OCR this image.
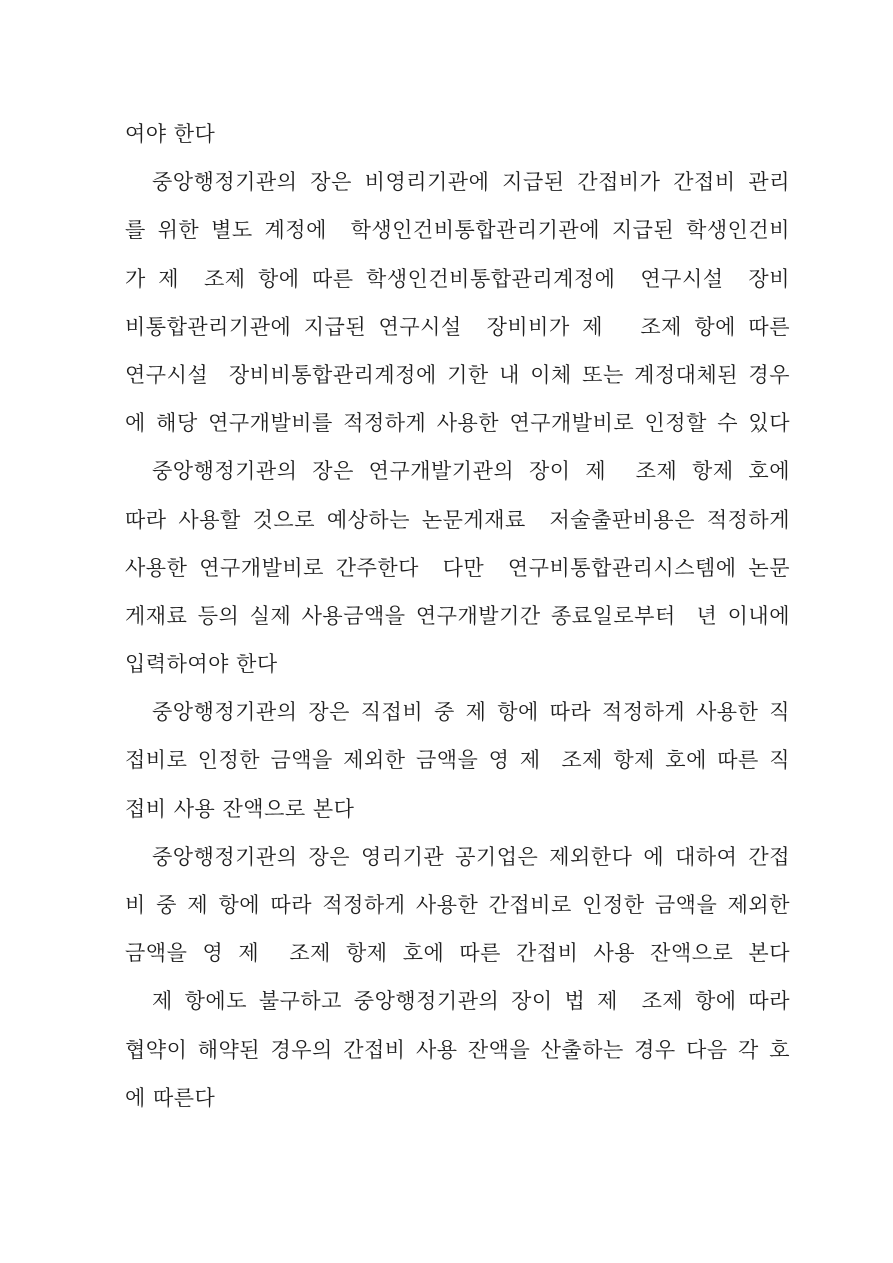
여야 한다
중앙행정기관의 장은 비영리기관에 지급된 간접비가 간접비 관리
를 위한 별도 계정에  학생인건비통합관리기관에 지급된 학생인건비
가 제  조제 항에 따른 학생인건비통합관리계정에  연구시설  장비
비통합관리기관에 지급된 연구시설  장비비가 제   조제 항에 따른
연구시설  장비비통합관리계정에 기한 내 이체 또는 계정대체된 경우
에 해당 연구개발비를 적정하게 사용한 연구개발비로 인정할 수 있다
중앙행정기관의 장은 연구개발기관의 장이 제  조제 항제 호에
따라 사용할 것으로 예상하는 논문게재료  저술출판비용은 적정하게
사용한 연구개발비로 간주한다  다만  연구비통합관리시스템에 논문
게재료 등의 실제 사용금액을 연구개발기간 종료일로부터  년 이내에
입력하여야 한다
중앙행정기관의 장은 직접비 중 제 항에 따라 적정하게 사용한 직
접비로 인정한 금액을 제외한 금액을 영 제  조제 항제 호에 따른 직
접비 사용 잔액으로 본다
중앙행정기관의 장은 영리기관 공기업은 제외한다 에 대하여 간접
비 중 제 항에 따라 적정하게 사용한 간접비로 인정한 금액을 제외한
금액을 영 제  조제 항제 호에 따른 간접비 사용 잔액으로 본다
제 항에도 불구하고 중앙행정기관의 장이 법 제  조제 항에 따라
협약이 해약된 경우의 간접비 사용 잔액을 산출하는 경우 다음 각 호
에 따른다
